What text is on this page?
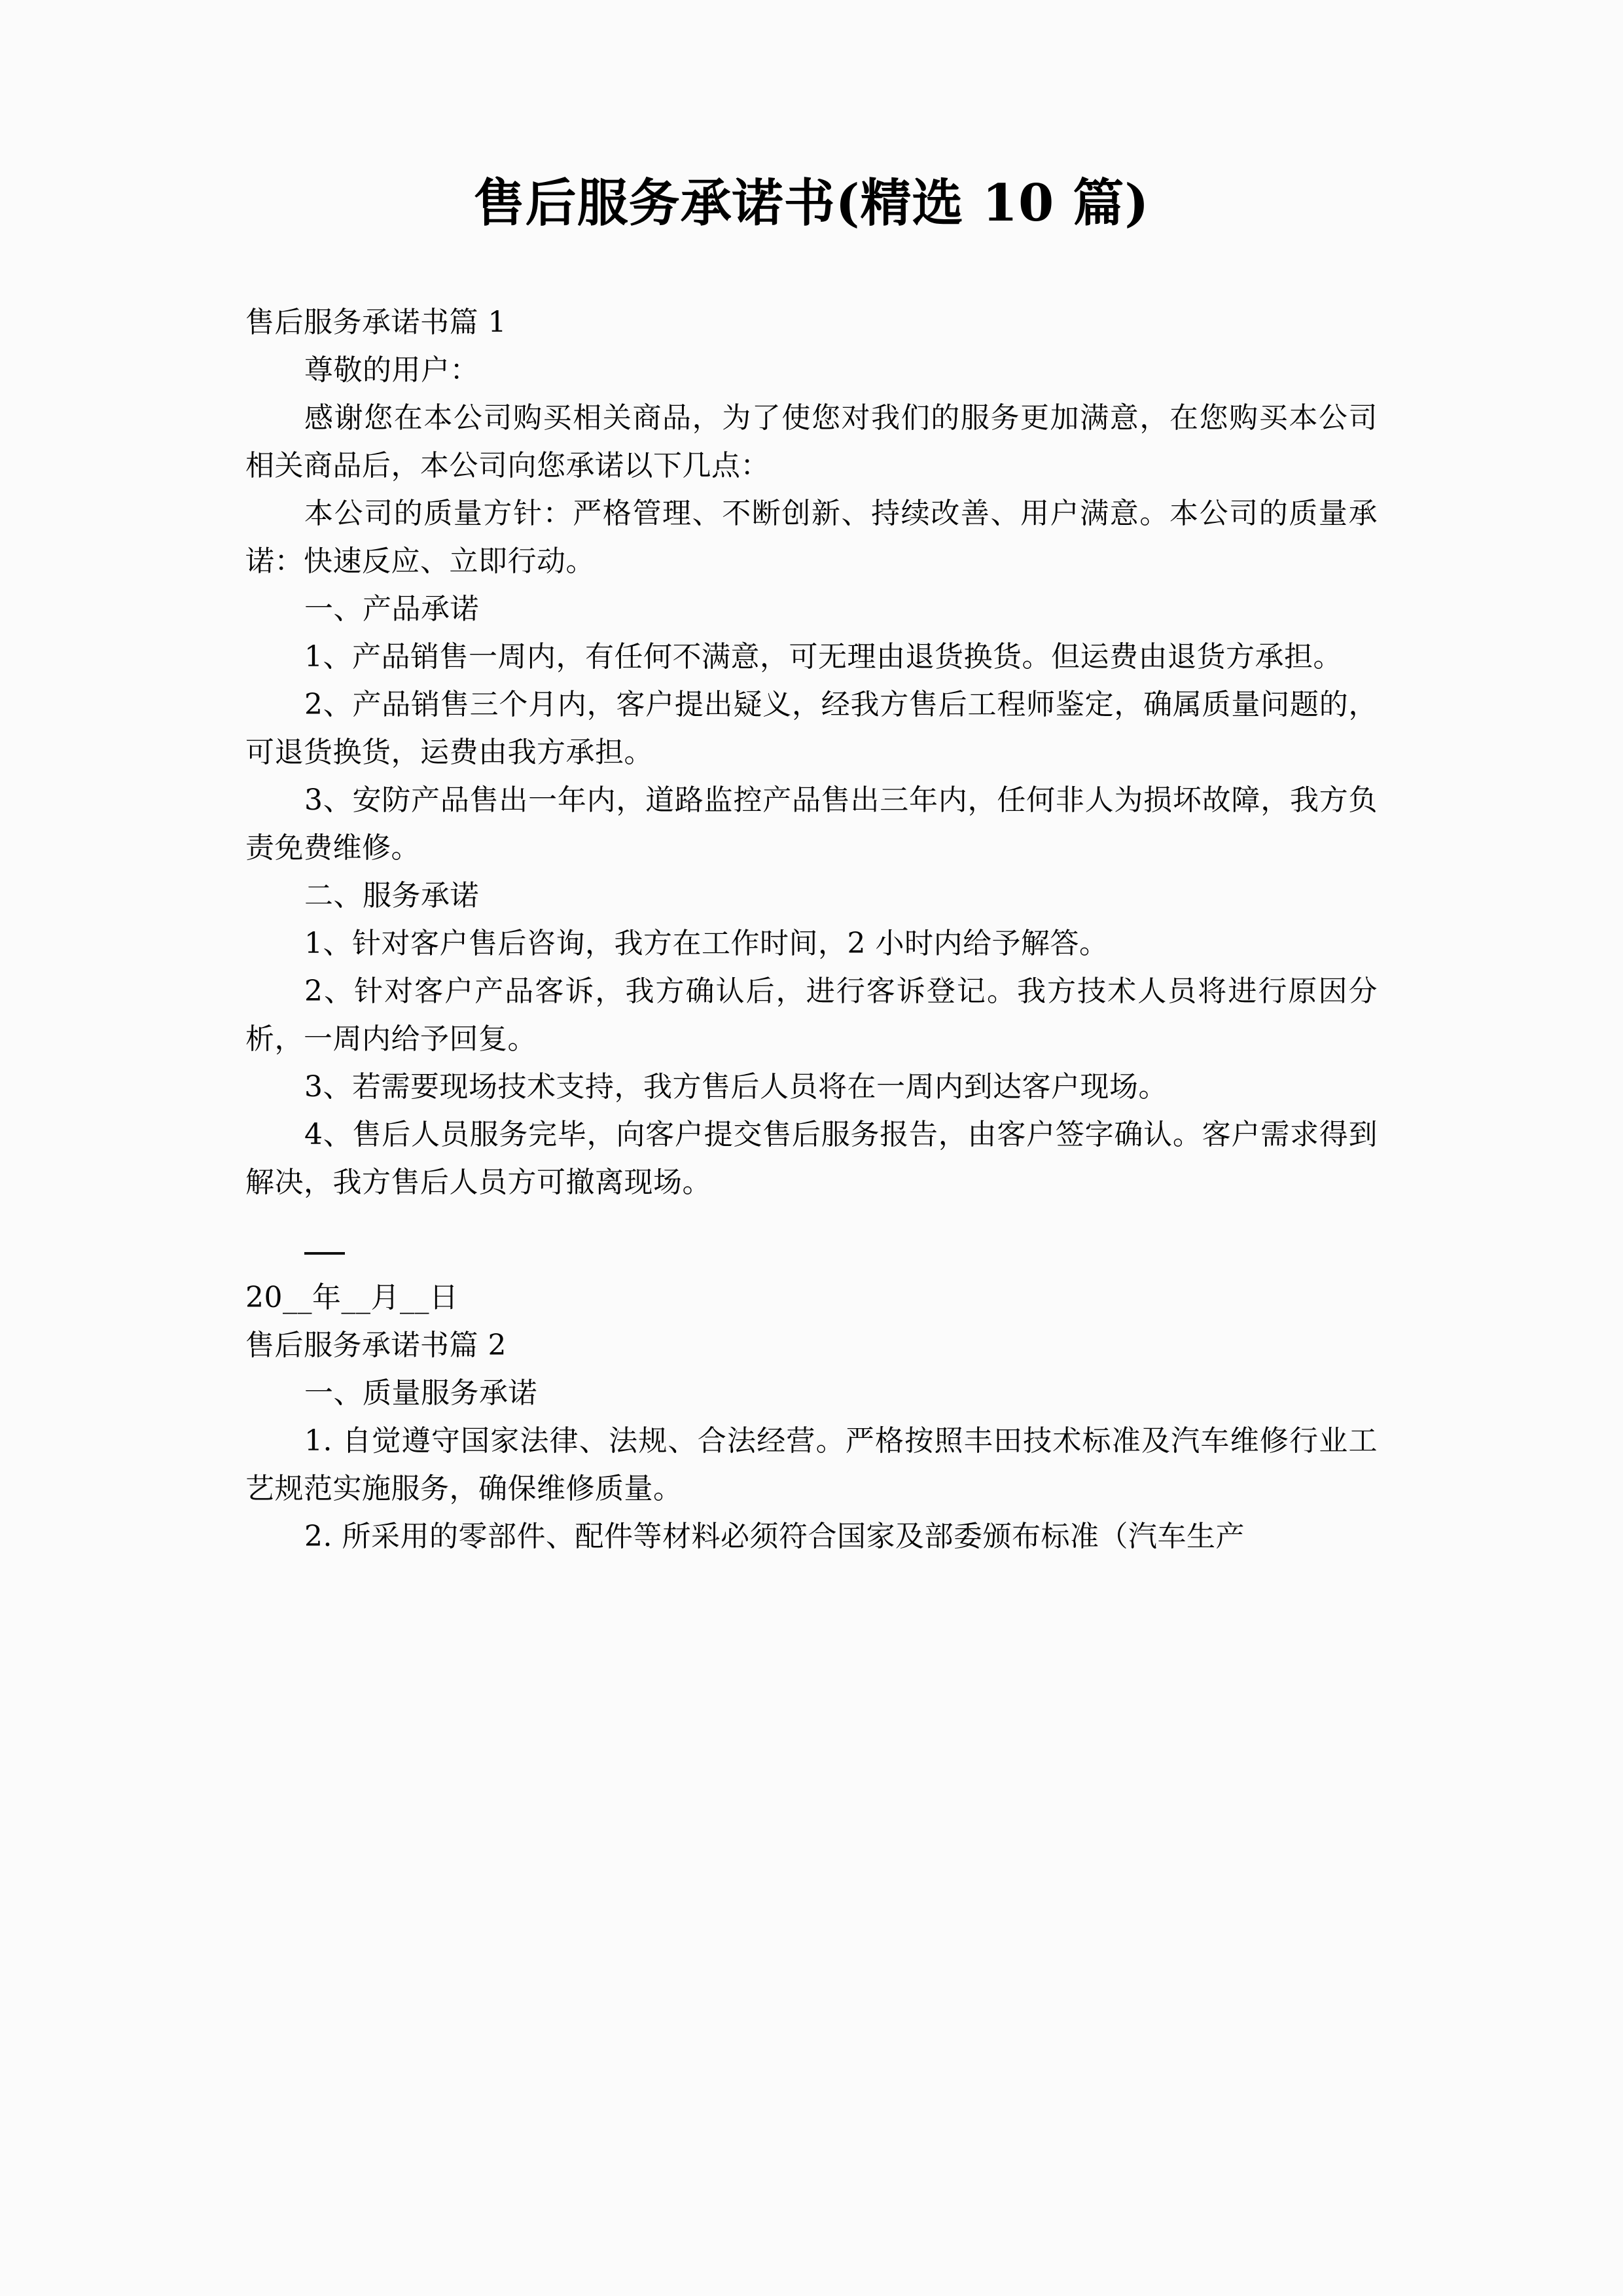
售后服务承诺书(精选 10 篇)

售后服务承诺书篇 1

尊敬的用户：

感谢您在本公司购买相关商品，为了使您对我们的服务更加满意，在您购买本公司相关商品后，本公司向您承诺以下几点：

本公司的质量方针：严格管理、不断创新、持续改善、用户满意。本公司的质量承诺：快速反应、立即行动。

一、产品承诺

1、产品销售一周内，有任何不满意，可无理由退货换货。但运费由退货方承担。

2、产品销售三个月内，客户提出疑义，经我方售后工程师鉴定，确属质量问题的，可退货换货，运费由我方承担。

3、安防产品售出一年内，道路监控产品售出三年内，任何非人为损坏故障，我方负责免费维修。

二、服务承诺

1、针对客户售后咨询，我方在工作时间，2 小时内给予解答。

2、针对客户产品客诉，我方确认后，进行客诉登记。我方技术人员将进行原因分析，一周内给予回复。

3、若需要现场技术支持，我方售后人员将在一周内到达客户现场。

4、售后人员服务完毕，向客户提交售后服务报告，由客户签字确认。客户需求得到解决，我方售后人员方可撤离现场。

20__年__月__日

售后服务承诺书篇 2

一、质量服务承诺

1. 自觉遵守国家法律、法规、合法经营。严格按照丰田技术标准及汽车维修行业工艺规范实施服务，确保维修质量。

2. 所采用的零部件、配件等材料必须符合国家及部委颁布标准（汽车生产
